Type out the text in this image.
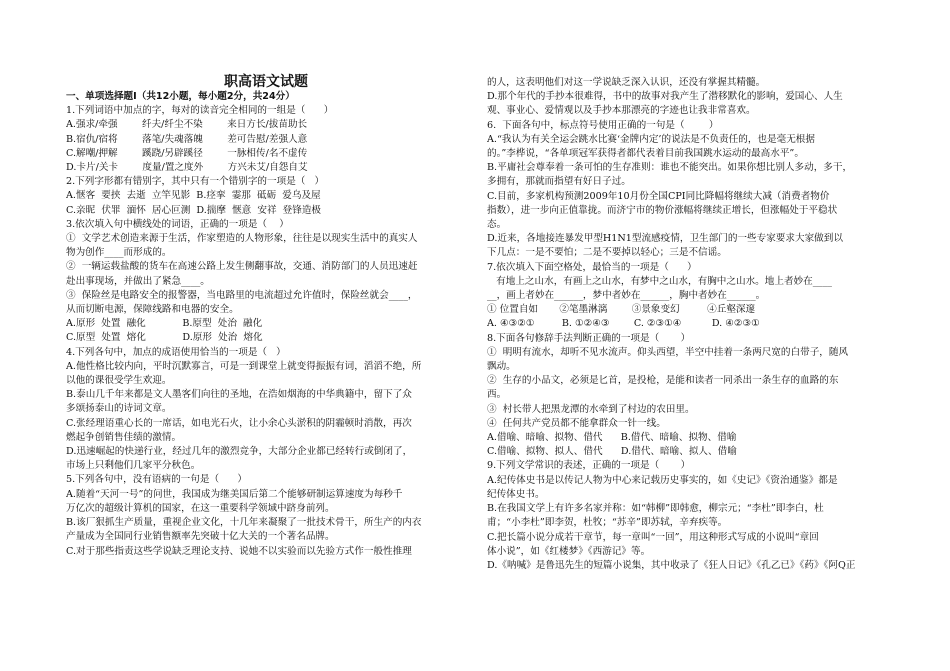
职高语文试题
一、单项选择题Ⅰ（共12小题，每小题2分，共24分）
1.下列词语中加点的字，每对的读音完全相同的一组是（      ）
A.强求/牵强        纤夫/纤尘不染        来日方长/拔苗助长
B.宿仇/宿将        落笔/失魂落魄        差可告慰/差强人意
C.解嘲/押解        蹊跷/另辟蹊径        一脉相传/名不虚传
D.卡片/关卡        度量/置之度外        方兴未艾/自怨自艾
2.下列字形都有错别字，其中只有一个错别字的一项是（   ）
A.惬客  要挟  去逝  立竿见影  B.痉挛  霎那  砥砺  爱乌及屋
C.亲昵  伏罪  湎怀  居心叵测  D.揣摩  惬意  安祥  登锋造极
3.依次填入句中横线处的词语，正确的一项是（    ）
①  文学艺术创造来源于生活，作家塑造的人物形象，往往是以现实生活中的真实人
物为创作____而形成的。
②  一辆运载盐酸的货车在高速公路上发生侧翻事故，交通、消防部门的人员迅速赶
赴出事现场，并做出了紧急____。
③  保险丝是电路安全的报警器，当电路里的电流超过允许值时，保险丝就会____，
从而切断电源，保障线路和电器的安全。
A.原形  处置  融化            B.原型  处治  融化
C.原型  处置  熔化            D.原形  处治  熔化
4.下列各句中，加点的成语使用恰当的一项是（   ）
A.他性格比较内向，平时沉默寡言，可是一到课堂上就变得振振有词，滔滔不绝，所
以他的课很受学生欢迎。
B.泰山几千年来都是文人墨客们向往的圣地，在浩如烟海的中华典籍中，留下了众
多颂扬泰山的诗词文章。
C.张经理语重心长的一席话，如电光石火，让小余心头淤积的阴霾顿时消散，再次
燃起争创销售佳绩的激情。
D.迅速崛起的快递行业，经过几年的激烈竞争，大部分企业都已经转行或倒闭了，
市场上只剩他们几家平分秋色。
5.下列各句中，没有语病的一句是（      ）
A.随着“天河一号”的问世，我国成为继美国后第二个能够研制运算速度为每秒千
万亿次的超级计算机的国家，在这一重要科学领域中跻身前列。
B.该厂狠抓生产质量，重视企业文化，十几年来凝聚了一批技术骨干，所生产的内衣
产量成为全国同行业销售额率先突破十亿大关的一个著名品牌。
C.对于那些指责这些学说缺乏理论支持、说她不以实验而以先验方式作一般性推理
的人，这表明他们对这一学说缺乏深入认识，还没有掌握其精髓。
D.那个年代的手抄本很难得，书中的故事对我产生了潜移默化的影响，爱国心、人生
观、事业心、爱情观以及手抄本那漂亮的字迹也让我非常喜欢。
6.  下面各句中，标点符号使用正确的一句是（        ）
A.“我认为有关全运会跳水比赛‘金牌内定’的说法是不负责任的，也是毫无根据
的。”李桦说，“各单项冠军获得者都代表着目前我国跳水运动的最高水平”。
B.平庸社会尊奉着一条可怕的生存准则：谁也不能突出。如果你想比别人多动，多干，
多拥有，那就而指望有好日子过。
C.目前，多家机构预测2009年10月份全国CPI同比降幅将继续大减（消费者物价
指数），进一步向正值靠拢。而济宁市的物价涨幅将继续正增长，但涨幅处于平稳状
态。
D.近来，各地接连暴发甲型H1N1型流感疫情，卫生部门的一些专家要求大家做到以
下几点：一是不要怕；二是不要掉以轻心；三是不信谣。
7.依次填入下面空格处，最恰当的一项是（      ）
有地上之山水，有画上之山水，有梦中之山水，有胸中之山水。地上者妙在____
__，画上者妙在______，梦中者妙在______，胸中者妙在______。
① 位置自如       ②笔墨淋漓        ③景象变幻         ④丘壑深邃
A. ④③②①         B. ①②④③        C. ②③①④          D. ④②③①
8.下面各句修辞手法判断正确的一项是（       ）
①  明明有流水，却听不见水流声。仰头西望，半空中挂着一条两尺宽的白带子，随风
飘动。
②  生存的小品文，必须是匕首，是投枪，是能和读者一同杀出一条生存的血路的东
西。
③  村长带人把黑龙潭的水牵到了村边的农田里。
④  任何共产党员都不能拿群众一针一线。
A.借喻、暗喻、拟物、借代      B.借代、暗喻、拟物、借喻
C.借喻、拟物、拟人、借代      D.借代、暗喻、拟人、借喻
9.下列文学常识的表述，正确的一项是（       ）
A.纪传体史书是以传记人物为中心来记载历史事实的，如《史记》《资治通鉴》都是
纪传体史书。
B.在我国文学上有许多名家并称：如“韩柳”即韩愈，柳宗元；“李杜”即李白，杜
甫；“小李杜”即李贺，杜牧；“苏辛”即苏轼，辛弃疾等。
C.把长篇小说分成若干章节，每一章叫“一回”，用这种形式写成的小说叫“章回
体小说”，如《红楼梦》《西游记》等。
D.《呐喊》是鲁迅先生的短篇小说集，其中收录了《狂人日记》《孔乙已》《药》《阿Q正
